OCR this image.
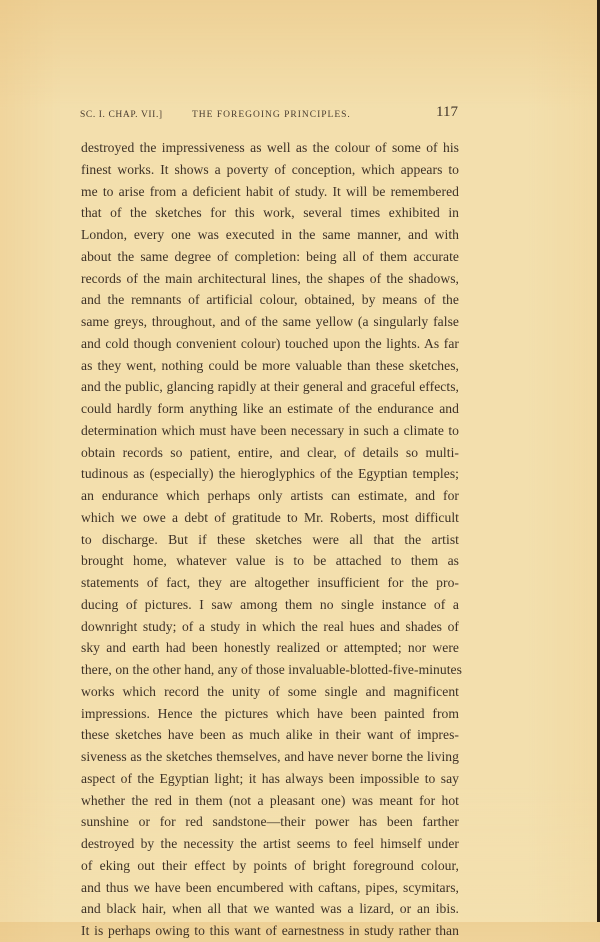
SC. I. CHAP. VII.]	THE FOREGOING PRINCIPLES.	117
destroyed the impressiveness as well as the colour of some of his
finest works. It shows a poverty of conception, which appears to
me to arise from a deficient habit of study. It will be remembered
that of the sketches for this work, several times exhibited in
London, every one was executed in the same manner, and with
about the same degree of completion: being all of them accurate
records of the main architectural lines, the shapes of the shadows,
and the remnants of artificial colour, obtained, by means of the
same greys, throughout, and of the same yellow (a singularly false
and cold though convenient colour) touched upon the lights. As far
as they went, nothing could be more valuable than these sketches,
and the public, glancing rapidly at their general and graceful effects,
could hardly form anything like an estimate of the endurance and
determination which must have been necessary in such a climate to
obtain records so patient, entire, and clear, of details so multi-
tudinous as (especially) the hieroglyphics of the Egyptian temples;
an endurance which perhaps only artists can estimate, and for
which we owe a debt of gratitude to Mr. Roberts, most difficult
to discharge. But if these sketches were all that the artist
brought home, whatever value is to be attached to them as
statements of fact, they are altogether insufficient for the pro-
ducing of pictures. I saw among them no single instance of a
downright study; of a study in which the real hues and shades of
sky and earth had been honestly realized or attempted; nor were
there, on the other hand, any of those invaluable-blotted-five-minutes
works which record the unity of some single and magnificent
impressions. Hence the pictures which have been painted from
these sketches have been as much alike in their want of impres-
siveness as the sketches themselves, and have never borne the living
aspect of the Egyptian light; it has always been impossible to say
whether the red in them (not a pleasant one) was meant for hot
sunshine or for red sandstone—their power has been farther
destroyed by the necessity the artist seems to feel himself under
of eking out their effect by points of bright foreground colour,
and thus we have been encumbered with caftans, pipes, scymitars,
and black hair, when all that we wanted was a lizard, or an ibis.
It is perhaps owing to this want of earnestness in study rather than
